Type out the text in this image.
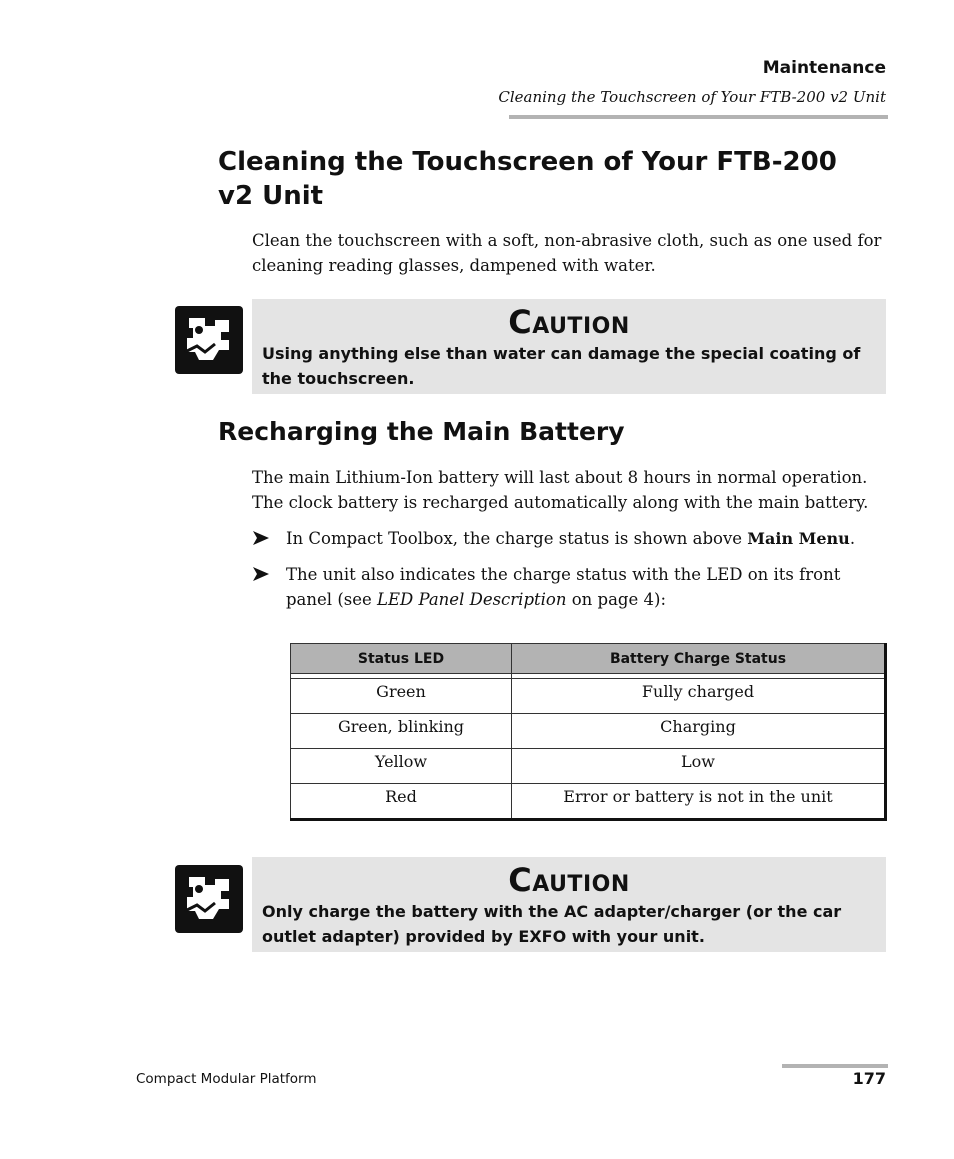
Maintenance
Cleaning the Touchscreen of Your FTB-200 v2 Unit
Cleaning the Touchscreen of Your FTB-200 v2 Unit
Clean the touchscreen with a soft, non-abrasive cloth, such as one used for cleaning reading glasses, dampened with water.
CAUTION
Using anything else than water can damage the special coating of the touchscreen.
Recharging the Main Battery
The main Lithium-Ion battery will last about 8 hours in normal operation. The clock battery is recharged automatically along with the main battery.
In Compact Toolbox, the charge status is shown above Main Menu.
The unit also indicates the charge status with the LED on its front panel (see LED Panel Description on page 4):
Status LED	Battery Charge Status

Green	Fully charged
Green, blinking	Charging
Yellow	Low
Red	Error or battery is not in the unit
CAUTION
Only charge the battery with the AC adapter/charger (or the car outlet adapter) provided by EXFO with your unit.
Compact Modular Platform	177
